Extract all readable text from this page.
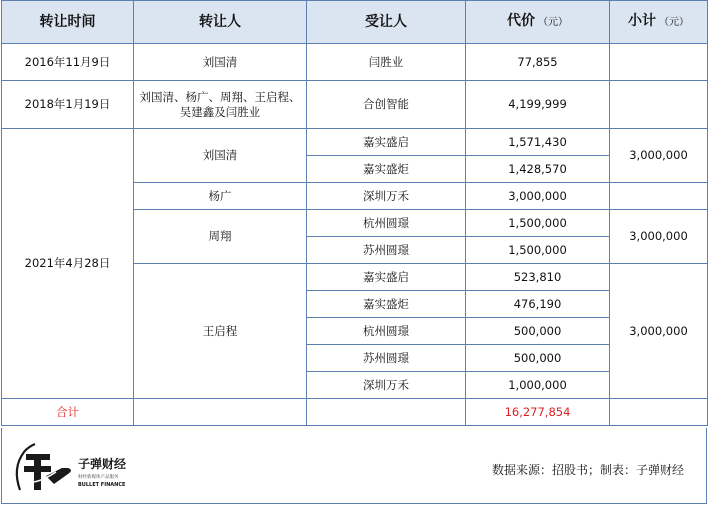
转让时间	转让人	受让人	代价 （元）	小计 （元）
2016年11月9日	刘国清	闫胜业	77,855	
2018年1月19日	刘国清、杨广、周翔、王启程、吴建鑫及闫胜业	合创智能	4,199,999	
2021年4月28日	刘国清	嘉实盛启	1,571,430	3,000,000
		嘉实盛炬	1,428,570	
	杨广	深圳万禾	3,000,000	
	周翔	杭州圆璟	1,500,000	3,000,000
		苏州圆璟	1,500,000	
	王启程	嘉实盛启	523,810	3,000,000
		嘉实盛炬	476,190	
		杭州圆璟	500,000	
		苏州圆璟	500,000	
		深圳万禾	1,000,000	
合计			16,277,854	
子弹财经
财经新媒体产品服务
BULLET FINANCE
数据来源：招股书；制表：子弹财经
